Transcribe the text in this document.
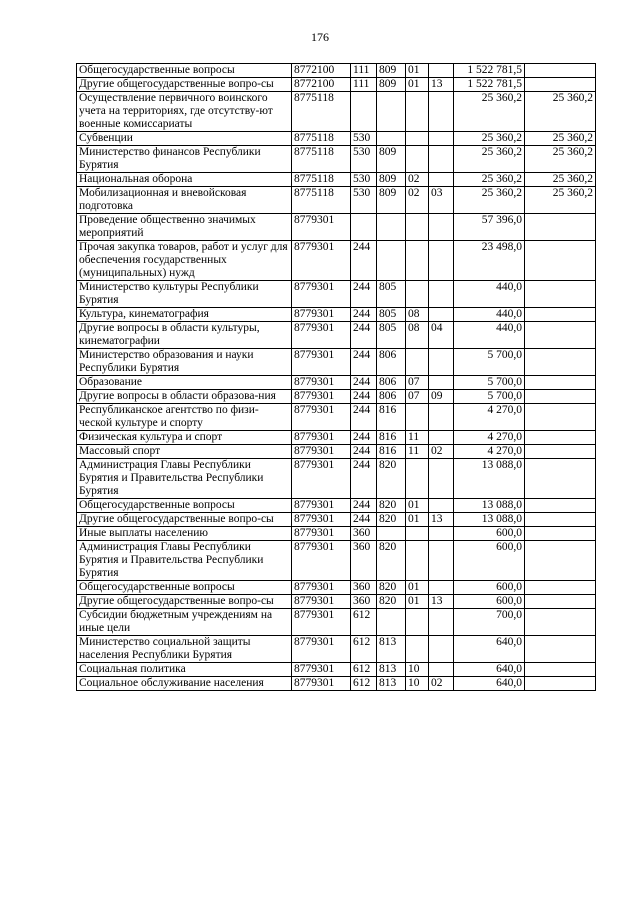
176
Общегосударственные вопросы	8772100	111	809	01		1 522 781,5	
Другие общегосударственные вопро-сы	8772100	111	809	01	13	1 522 781,5	
Осуществление первичного воинского учета на территориях, где отсутству-ют военные комиссариаты	8775118					25 360,2	25 360,2
Субвенции	8775118	530				25 360,2	25 360,2
Министерство финансов Республики Бурятия	8775118	530	809			25 360,2	25 360,2
Национальная оборона	8775118	530	809	02		25 360,2	25 360,2
Мобилизационная и вневойсковая подготовка	8775118	530	809	02	03	25 360,2	25 360,2
Проведение общественно значимых мероприятий	8779301					57 396,0	
Прочая закупка товаров, работ и услуг для обеспечения государственных (муниципальных) нужд	8779301	244				23 498,0	
Министерство культуры Республики Бурятия	8779301	244	805			440,0	
Культура, кинематография	8779301	244	805	08		440,0	
Другие вопросы в области культуры, кинематографии	8779301	244	805	08	04	440,0	
Министерство образования и науки Республики Бурятия	8779301	244	806			5 700,0	
Образование	8779301	244	806	07		5 700,0	
Другие вопросы в области образова-ния	8779301	244	806	07	09	5 700,0	
Республиканское агентство по физи-ческой культуре и спорту	8779301	244	816			4 270,0	
Физическая культура и спорт	8779301	244	816	11		4 270,0	
Массовый спорт	8779301	244	816	11	02	4 270,0	
Администрация Главы Республики Бурятия и Правительства Республики Бурятия	8779301	244	820			13 088,0	
Общегосударственные вопросы	8779301	244	820	01		13 088,0	
Другие общегосударственные вопро-сы	8779301	244	820	01	13	13 088,0	
Иные выплаты населению	8779301	360				600,0	
Администрация Главы Республики Бурятия и Правительства Республики Бурятия	8779301	360	820			600,0	
Общегосударственные вопросы	8779301	360	820	01		600,0	
Другие общегосударственные вопро-сы	8779301	360	820	01	13	600,0	
Субсидии бюджетным учреждениям на иные цели	8779301	612				700,0	
Министерство социальной защиты населения Республики Бурятия	8779301	612	813			640,0	
Социальная политика	8779301	612	813	10		640,0	
Социальное обслуживание населения	8779301	612	813	10	02	640,0	
